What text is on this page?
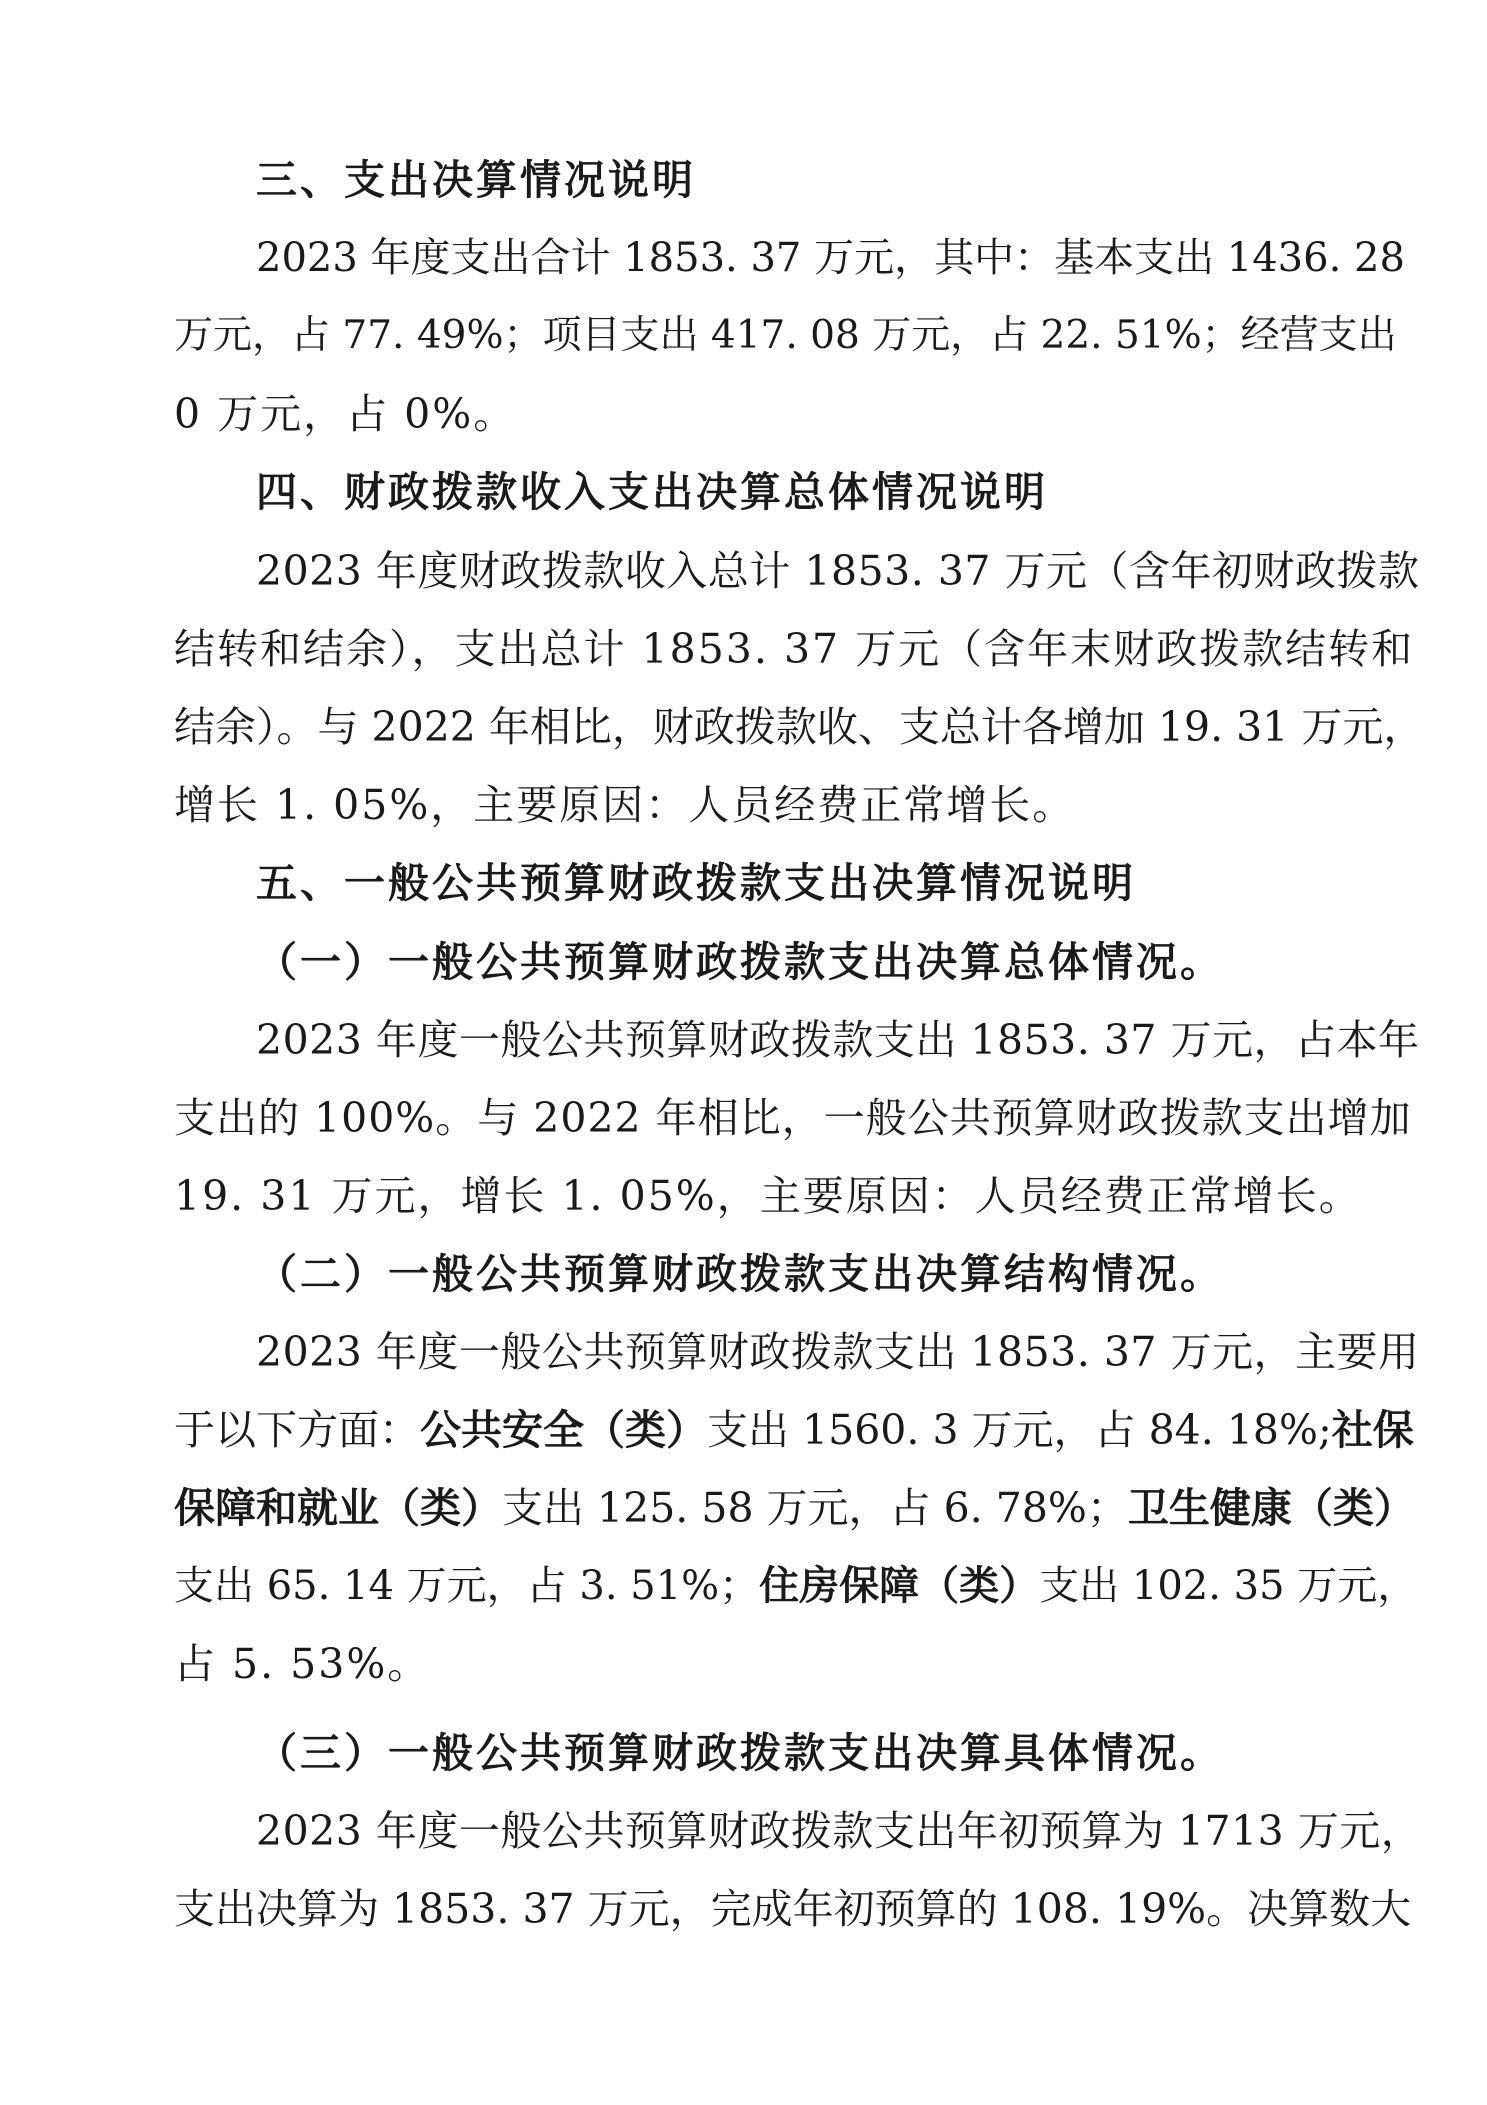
三、支出决算情况说明
2023 年度支出合计 1853. 37 万元，其中：基本支出 1436. 28
万元，占 77. 49%；项目支出 417. 08 万元，占 22. 51%；经营支出
0 万元，占 0%。
四、财政拨款收入支出决算总体情况说明
2023 年度财政拨款收入总计 1853. 37 万元（含年初财政拨款
结转和结余），支出总计 1853. 37 万元（含年末财政拨款结转和
结余）。与 2022 年相比，财政拨款收、支总计各增加 19. 31 万元，
增长 1. 05%，主要原因：人员经费正常增长。
五、一般公共预算财政拨款支出决算情况说明
（一）一般公共预算财政拨款支出决算总体情况。
2023 年度一般公共预算财政拨款支出 1853. 37 万元，占本年
支出的 100%。与 2022 年相比，一般公共预算财政拨款支出增加
19. 31 万元，增长 1. 05%，主要原因：人员经费正常增长。
（二）一般公共预算财政拨款支出决算结构情况。
2023 年度一般公共预算财政拨款支出 1853. 37 万元，主要用
于以下方面：公共安全（类）支出 1560. 3 万元，占 84. 18%;社保
保障和就业（类）支出 125. 58 万元，占 6. 78%；卫生健康（类）
支出 65. 14 万元，占 3. 51%；住房保障（类）支出 102. 35 万元，
占 5. 53%。
（三）一般公共预算财政拨款支出决算具体情况。
2023 年度一般公共预算财政拨款支出年初预算为 1713 万元，
支出决算为 1853. 37 万元，完成年初预算的 108. 19%。决算数大
